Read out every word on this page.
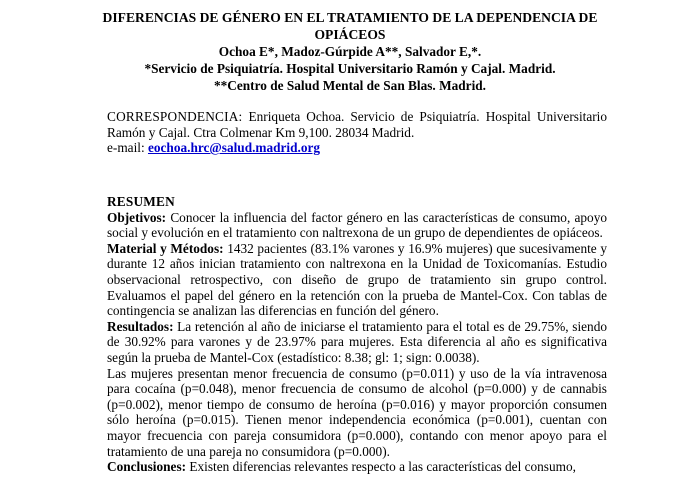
DIFERENCIAS DE GÉNERO EN EL TRATAMIENTO DE LA DEPENDENCIA DE OPIÁCEOS
Ochoa E*, Madoz-Gúrpide A**, Salvador E,*.
*Servicio de Psiquiatría. Hospital Universitario Ramón y Cajal. Madrid.
**Centro de Salud Mental de San Blas. Madrid.
CORRESPONDENCIA: Enriqueta Ochoa. Servicio de Psiquiatría. Hospital Universitario Ramón y Cajal. Ctra Colmenar Km 9,100. 28034 Madrid.
e-mail: eochoa.hrc@salud.madrid.org
RESUMEN

Objetivos: Conocer la influencia del factor género en las características de consumo, apoyo social y evolución en el tratamiento con naltrexona de un grupo de dependientes de opiáceos.

Material y Métodos: 1432 pacientes (83.1% varones y 16.9% mujeres) que sucesivamente y durante 12 años inician tratamiento con naltrexona en la Unidad de Toxicomanías. Estudio observacional retrospectivo, con diseño de grupo de tratamiento sin grupo control. Evaluamos el papel del género en la retención con la prueba de Mantel-Cox. Con tablas de contingencia se analizan las diferencias en función del género.

Resultados: La retención al año de iniciarse el tratamiento para el total es de 29.75%, siendo de 30.92% para varones y de 23.97% para mujeres. Esta diferencia al año es significativa según la prueba de Mantel-Cox (estadístico: 8.38; gl: 1; sign: 0.0038).

Las mujeres presentan menor frecuencia de consumo (p=0.011) y uso de la vía intravenosa para cocaína (p=0.048), menor frecuencia de consumo de alcohol (p=0.000) y de cannabis (p=0.002), menor tiempo de consumo de heroína (p=0.016) y mayor proporción consumen sólo heroína (p=0.015). Tienen menor independencia económica (p=0.001), cuentan con mayor frecuencia con pareja consumidora (p=0.000), contando con menor apoyo para el tratamiento de una pareja no consumidora (p=0.000).

Conclusiones: Existen diferencias relevantes respecto a las características del consumo,
